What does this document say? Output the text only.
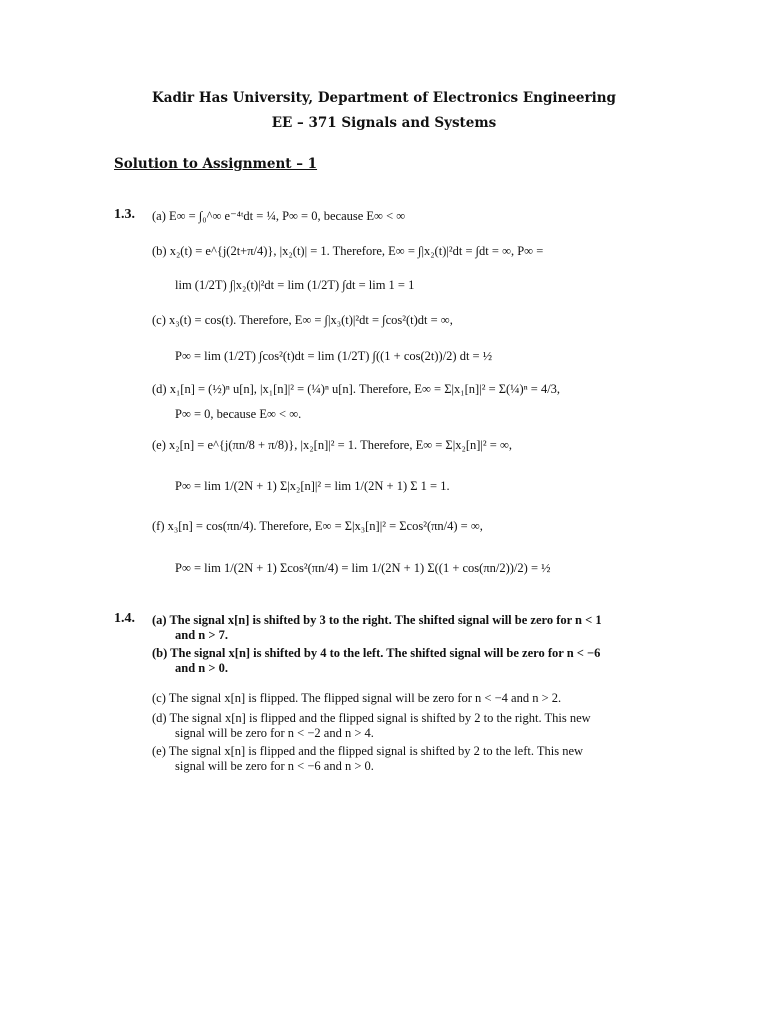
Kadir Has University, Department of Electronics Engineering
EE – 371 Signals and Systems
Solution to Assignment – 1
1.3. (a) E∞ = ∫₀^∞ e⁻⁴ᵗdt = ¼, P∞ = 0, because E∞ < ∞
(b) x₂(t) = e^{j(2t+π/4)}, |x₂(t)| = 1. Therefore, E∞ = ∫|x₂(t)|²dt = ∫dt = ∞, P∞ =
lim (1/2T) ∫|x₂(t)|²dt = lim (1/2T) ∫dt = lim 1 = 1
(c) x₃(t) = cos(t). Therefore, E∞ = ∫|x₃(t)|²dt = ∫cos²(t)dt = ∞,
P∞ = lim (1/2T) ∫cos²(t)dt = lim (1/2T) ∫((1 + cos(2t))/2) dt = ½
(d) x₁[n] = (½)ⁿ u[n], |x₁[n]|² = (¼)ⁿ u[n]. Therefore, E∞ = Σ|x₁[n]|² = Σ(¼)ⁿ = 4/3,
P∞ = 0, because E∞ < ∞.
(e) x₂[n] = e^{j(πn/8 + π/8)}, |x₂[n]|² = 1. Therefore, E∞ = Σ|x₂[n]|² = ∞,
P∞ = lim 1/(2N + 1) Σ|x₂[n]|² = lim 1/(2N + 1) Σ 1 = 1.
(f) x₃[n] = cos(πn/4). Therefore, E∞ = Σ|x₃[n]|² = Σcos²(πn/4) = ∞,
P∞ = lim 1/(2N + 1) Σcos²(πn/4) = lim 1/(2N + 1) Σ((1 + cos(πn/2))/2) = ½
1.4. (a) The signal x[n] is shifted by 3 to the right. The shifted signal will be zero for n < 1
and n > 7.
(b) The signal x[n] is shifted by 4 to the left. The shifted signal will be zero for n < −6
and n > 0.
(c) The signal x[n] is flipped. The flipped signal will be zero for n < −4 and n > 2.
(d) The signal x[n] is flipped and the flipped signal is shifted by 2 to the right. This new
signal will be zero for n < −2 and n > 4.
(e) The signal x[n] is flipped and the flipped signal is shifted by 2 to the left. This new
signal will be zero for n < −6 and n > 0.
